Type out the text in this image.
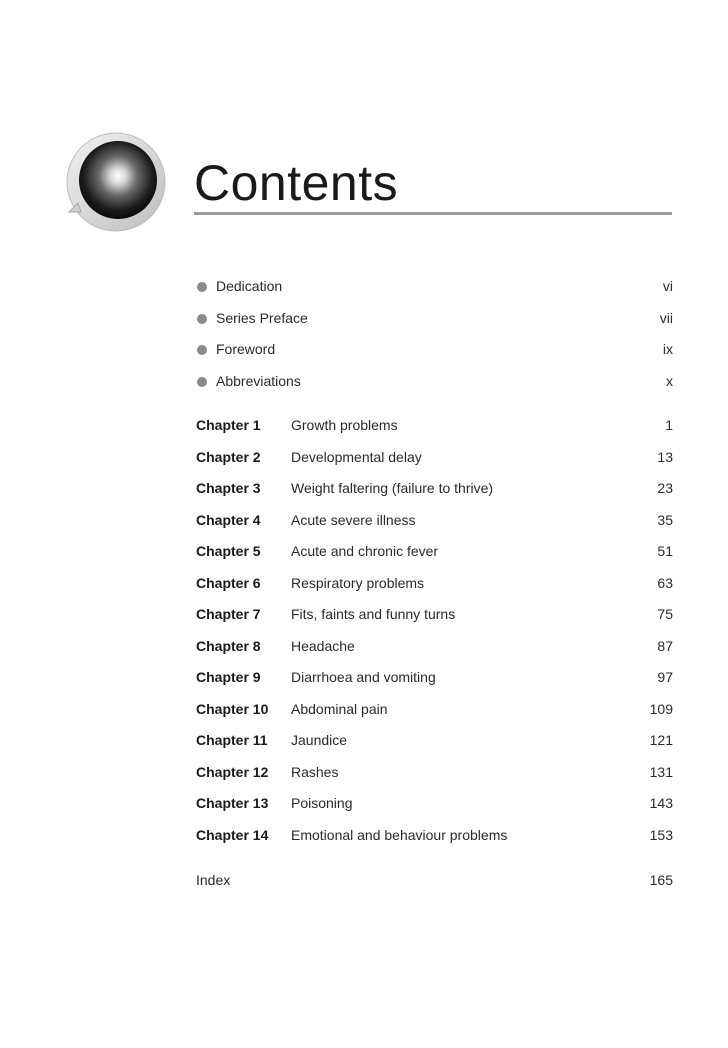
Contents
Dedication	vi
Series Preface	vii
Foreword	ix
Abbreviations	x
Chapter 1 Growth problems	1
Chapter 2 Developmental delay	13
Chapter 3 Weight faltering (failure to thrive)	23
Chapter 4 Acute severe illness	35
Chapter 5 Acute and chronic fever	51
Chapter 6 Respiratory problems	63
Chapter 7 Fits, faints and funny turns	75
Chapter 8 Headache	87
Chapter 9 Diarrhoea and vomiting	97
Chapter 10 Abdominal pain	109
Chapter 11 Jaundice	121
Chapter 12 Rashes	131
Chapter 13 Poisoning	143
Chapter 14 Emotional and behaviour problems	153
Index	165
